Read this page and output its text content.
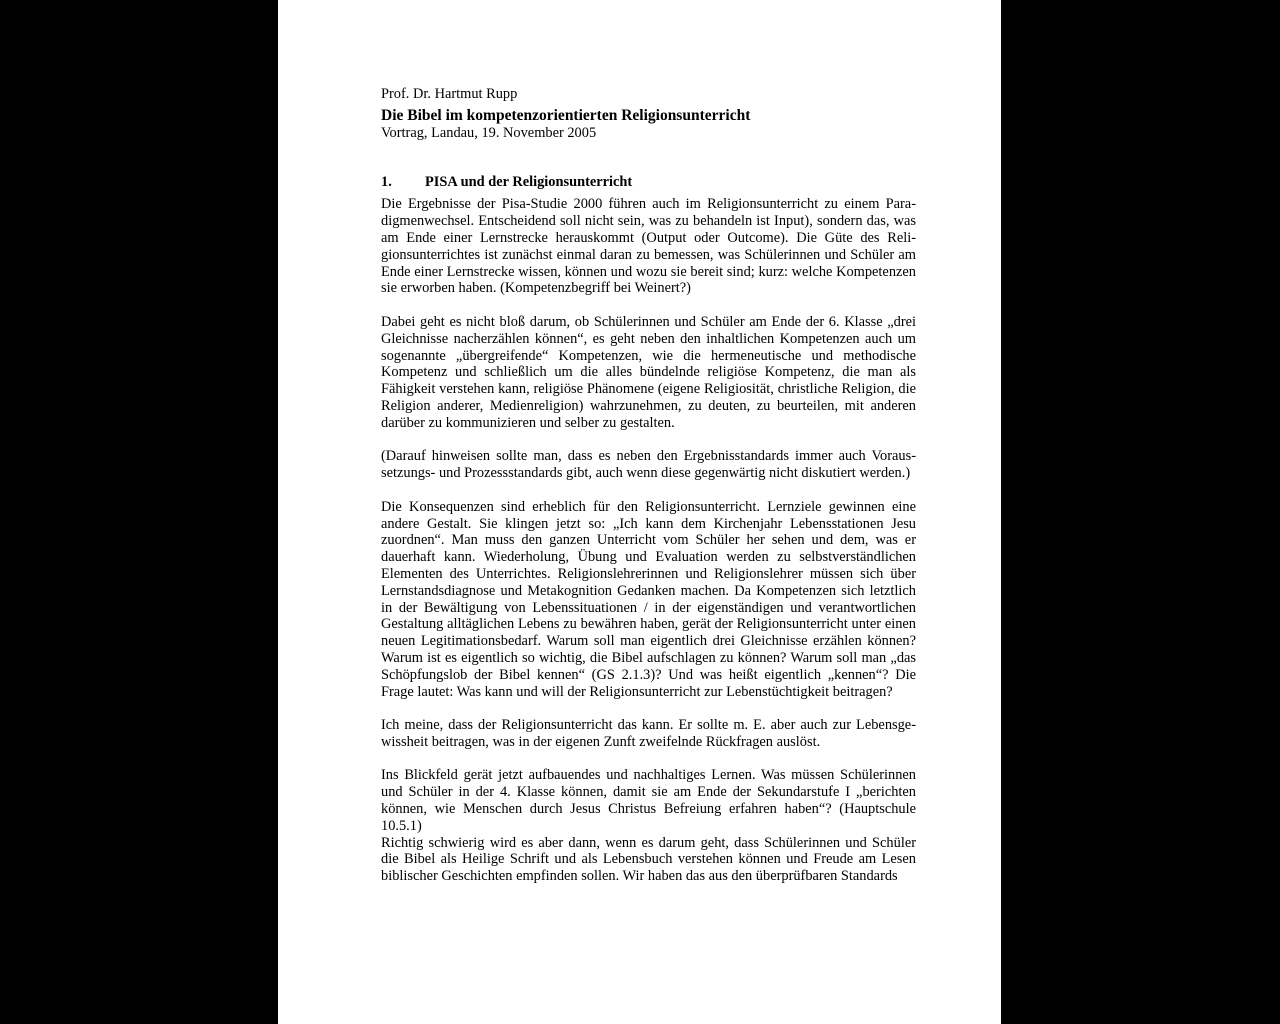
Prof. Dr. Hartmut Rupp

Die Bibel im kompetenzorientierten Religionsunterricht

Vortrag, Landau, 19. November 2005

1. PISA und der Religionsunterricht

Die Ergebnisse der Pisa-Studie 2000 führen auch im Religionsunterricht zu einem Paradigmenwechsel. Entscheidend soll nicht sein, was zu behandeln ist Input), sondern das, was am Ende einer Lernstrecke herauskommt (Output oder Outcome). Die Güte des Religionsunterrichtes ist zunächst einmal daran zu bemessen, was Schülerinnen und Schüler am Ende einer Lernstrecke wissen, können und wozu sie bereit sind; kurz: welche Kompetenzen sie erworben haben. (Kompetenzbegriff bei Weinert?)

Dabei geht es nicht bloß darum, ob Schülerinnen und Schüler am Ende der 6. Klasse „drei Gleichnisse nacherzählen können“, es geht neben den inhaltlichen Kompetenzen auch um sogenannte „übergreifende“ Kompetenzen, wie die hermeneutische und methodische Kompetenz und schließlich um die alles bündelnde religiöse Kompetenz, die man als Fähigkeit verstehen kann, religiöse Phänomene (eigene Religiosität, christliche Religion, die Religion anderer, Medienreligion) wahrzunehmen, zu deuten, zu beurteilen, mit anderen darüber zu kommunizieren und selber zu gestalten.

(Darauf hinweisen sollte man, dass es neben den Ergebnisstandards immer auch Voraussetzungs- und Prozessstandards gibt, auch wenn diese gegenwärtig nicht diskutiert werden.)

Die Konsequenzen sind erheblich für den Religionsunterricht. Lernziele gewinnen eine andere Gestalt. Sie klingen jetzt so: „Ich kann dem Kirchenjahr Lebensstationen Jesu zuordnen“. Man muss den ganzen Unterricht vom Schüler her sehen und dem, was er dauerhaft kann. Wiederholung, Übung und Evaluation werden zu selbstverständlichen Elementen des Unterrichtes. Religionslehrerinnen und Religionslehrer müssen sich über Lernstandsdiagnose und Metakognition Gedanken machen. Da Kompetenzen sich letztlich in der Bewältigung von Lebenssituationen / in der eigenständigen und verantwortlichen Gestaltung alltäglichen Lebens zu bewähren haben, gerät der Religionsunterricht unter einen neuen Legitimationsbedarf. Warum soll man eigentlich drei Gleichnisse erzählen können? Warum ist es eigentlich so wichtig, die Bibel aufschlagen zu können? Warum soll man „das Schöpfungslob der Bibel kennen“ (GS 2.1.3)? Und was heißt eigentlich „kennen“? Die Frage lautet: Was kann und will der Religionsunterricht zur Lebenstüchtigkeit beitragen?

Ich meine, dass der Religionsunterricht das kann. Er sollte m. E. aber auch zur Lebensgewissheit beitragen, was in der eigenen Zunft zweifelnde Rückfragen auslöst.

Ins Blickfeld gerät jetzt aufbauendes und nachhaltiges Lernen. Was müssen Schülerinnen und Schüler in der 4. Klasse können, damit sie am Ende der Sekundarstufe I „berichten können, wie Menschen durch Jesus Christus Befreiung erfahren haben“? (Hauptschule 10.5.1)

Richtig schwierig wird es aber dann, wenn es darum geht, dass Schülerinnen und Schüler die Bibel als Heilige Schrift und als Lebensbuch verstehen können und Freude am Lesen biblischer Geschichten empfinden sollen. Wir haben das aus den überprüfbaren Standards
